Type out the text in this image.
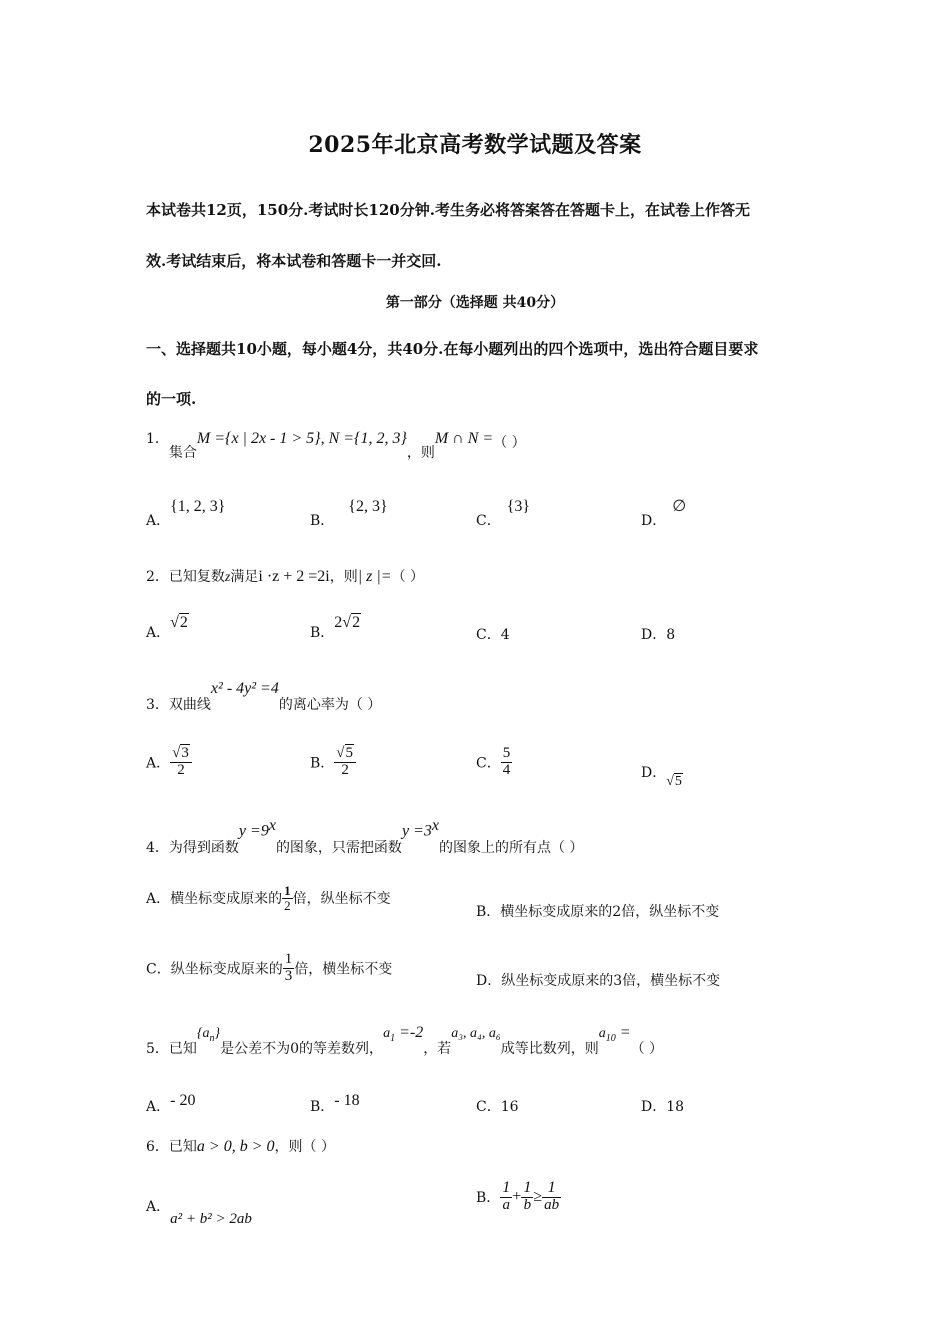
2025年北京高考数学试题及答案
本试卷共12页，150分.考试时长120分钟.考生务必将答案答在答题卡上，在试卷上作答无
效.考试结束后，将本试卷和答题卡一并交回.
第一部分（选择题 共40分）
一、选择题共10小题，每小题4分，共40分.在每小题列出的四个选项中，选出符合题目要求
的一项.
1．集合M ={x | 2x - 1 > 5}, N ={1, 2, 3}，则M ∩ N =（ ）
A．{1, 2, 3}
B．{2, 3}
C．{3}
D．∅
2．已知复数z满足i ·z + 2 =2i，则| z |=（ ）
A．√2
B．2√2
C．4	D．8
3．双曲线x² - 4y² =4的离心率为（ ）
A． $\frac{√3}{2}$	B． $\frac{√5}{2}$	C． $\frac{5}{4}$	D．√5
4．为得到函数$y =9^x$的图象，只需把函数$y =3^x$的图象上的所有点（ ）
A．横坐标变成原来的 $\frac{1}{2}$ 倍，纵坐标不变
B．横坐标变成原来的2倍，纵坐标不变
C．纵坐标变成原来的 $\frac{1}{3}$ 倍，横坐标不变
D．纵坐标变成原来的3倍，横坐标不变
5．已知$\{a_n\}$是公差不为0的等差数列，$a_1 =-2$，若a₃, a₄, a₆成等比数列，则$a_{10}$ =（ ）
A．- 20	B．- 18	C．16	D．18
6．已知a > 0, b > 0，则（ ）
A．a² + b² > 2ab
B． $\frac{1}{a} + \frac{1}{b} \ge \frac{1}{ab}$
